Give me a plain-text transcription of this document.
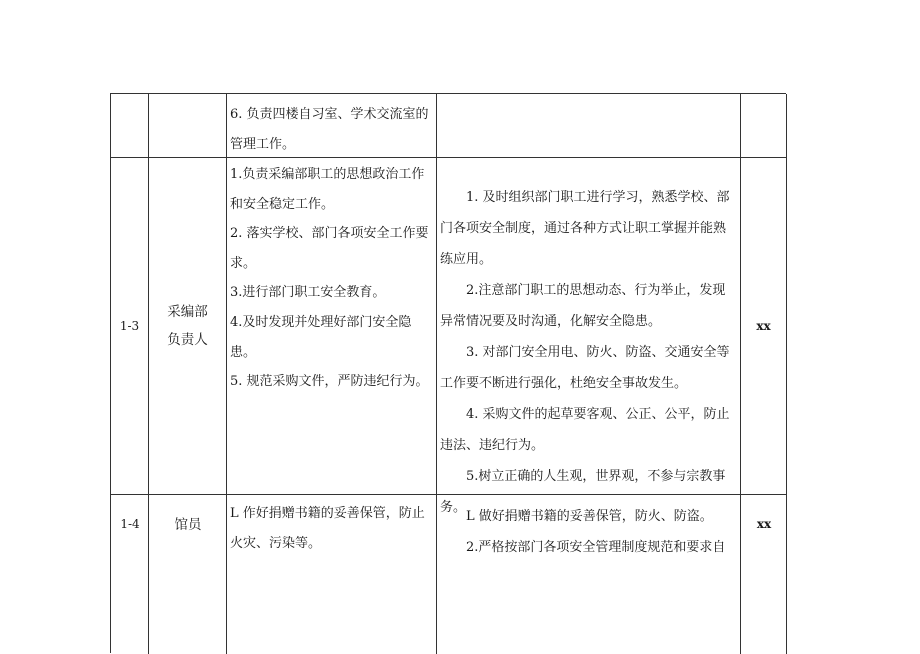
6. 负责四楼自习室、学术交流室的管理工作。

1-3
采编部
负责人

1.负责采编部职工的思想政治工作和安全稳定工作。

2. 落实学校、部门各项安全工作要求。

3.进行部门职工安全教育。

4.及时发现并处理好部门安全隐患。

5. 规范采购文件，严防违纪行为。

1. 及时组织部门职工进行学习，熟悉学校、部门各项安全制度，通过各种方式让职工掌握并能熟练应用。

2.注意部门职工的思想动态、行为举止，发现异常情况要及时沟通，化解安全隐患。

3. 对部门安全用电、防火、防盗、交通安全等工作要不断进行强化，杜绝安全事故发生。

4. 采购文件的起草要客观、公正、公平，防止违法、违纪行为。

5.树立正确的人生观，世界观，不参与宗教事务。

xx
1-4	馆员

L 作好捐赠书籍的妥善保管，防止火灾、污染等。

L 做好捐赠书籍的妥善保管，防火、防盗。

2.严格按部门各项安全管理制度规范和要求自

xx
